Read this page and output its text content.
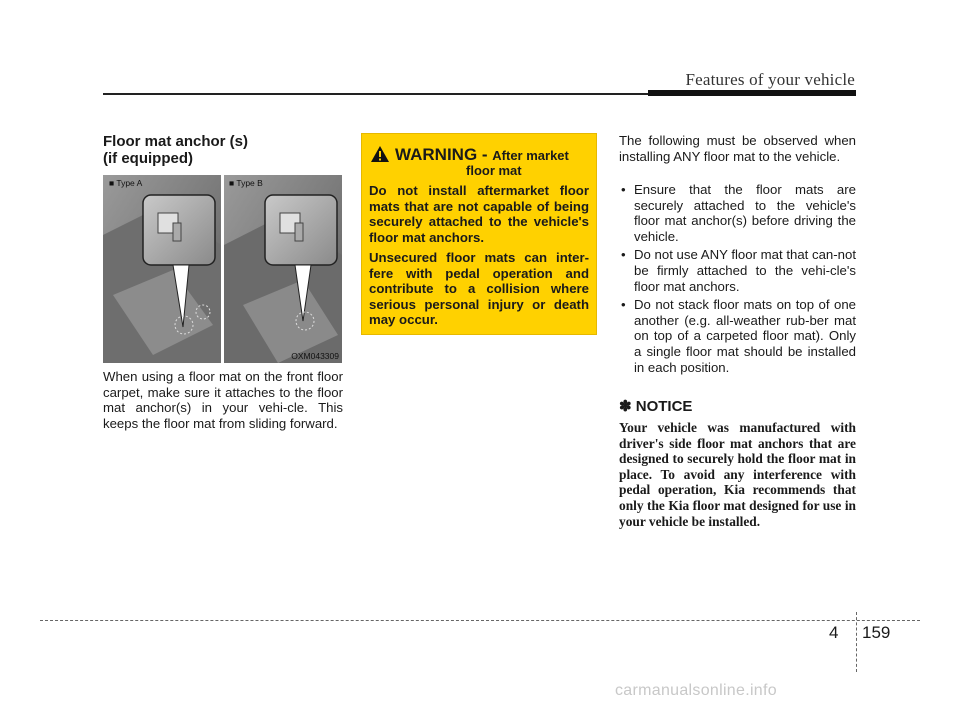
Features of your vehicle
Floor mat anchor (s)
(if equipped)
■ Type A	■ Type B
OXM043309
When using a floor mat on the front floor carpet, make sure it attaches to the floor mat anchor(s) in your vehi-cle. This keeps the floor mat from sliding forward.
WARNING - After market
floor mat
Do not install aftermarket floor mats that are not capable of being securely attached to the vehicle's floor mat anchors.
Unsecured floor mats can inter-fere with pedal operation and contribute to a collision where serious personal injury or death may occur.
The following must be observed when installing ANY floor mat to the vehicle.
• Ensure that the floor mats are securely attached to the vehicle's floor mat anchor(s) before driving the vehicle.
• Do not use ANY floor mat that can-not be firmly attached to the vehi-cle's floor mat anchors.
• Do not stack floor mats on top of one another (e.g. all-weather rub-ber mat on top of a carpeted floor mat). Only a single floor mat should be installed in each position.
✽ NOTICE
Your vehicle was manufactured with driver's side floor mat anchors that are designed to securely hold the floor mat in place. To avoid any interference with pedal operation, Kia recommends that only the Kia floor mat designed for use in your vehicle be installed.
4 159
carmanualsonline.info
